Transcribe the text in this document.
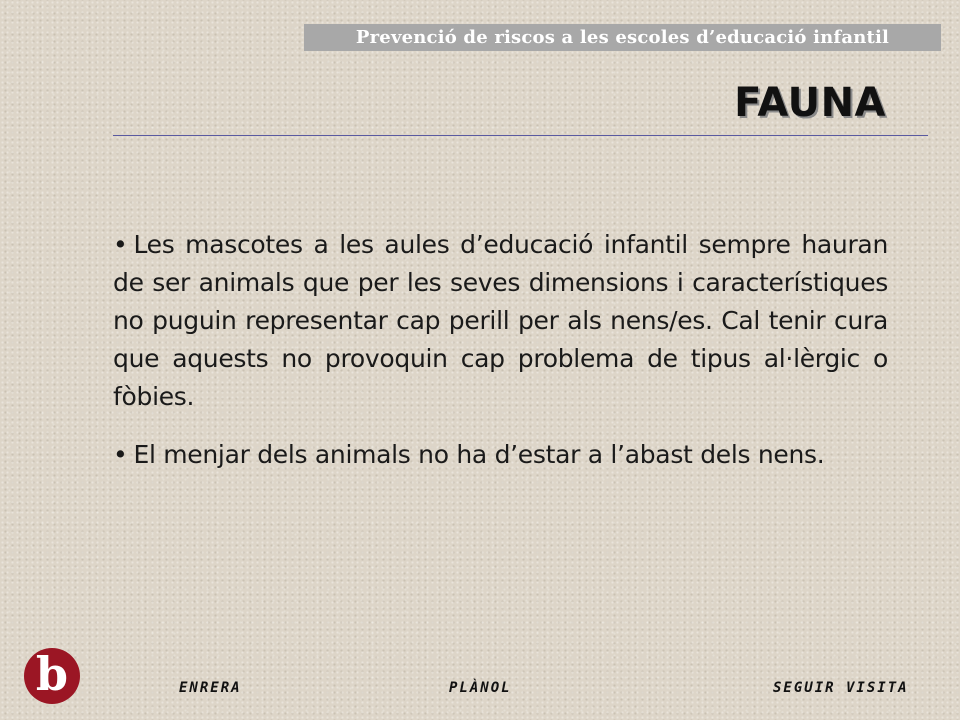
Prevenció de riscos a les escoles d’educació infantil
FAUNA

• Les mascotes a les aules d’educació infantil sempre hauran de ser animals que per les seves dimensions i característiques no puguin representar cap perill per als nens/es. Cal tenir cura que aquests no provoquin cap problema de tipus al·lèrgic o fòbies.

• El menjar dels animals no ha d’estar a l’abast dels nens.

b	ENRERA	PLÀNOL	SEGUIR VISITA
